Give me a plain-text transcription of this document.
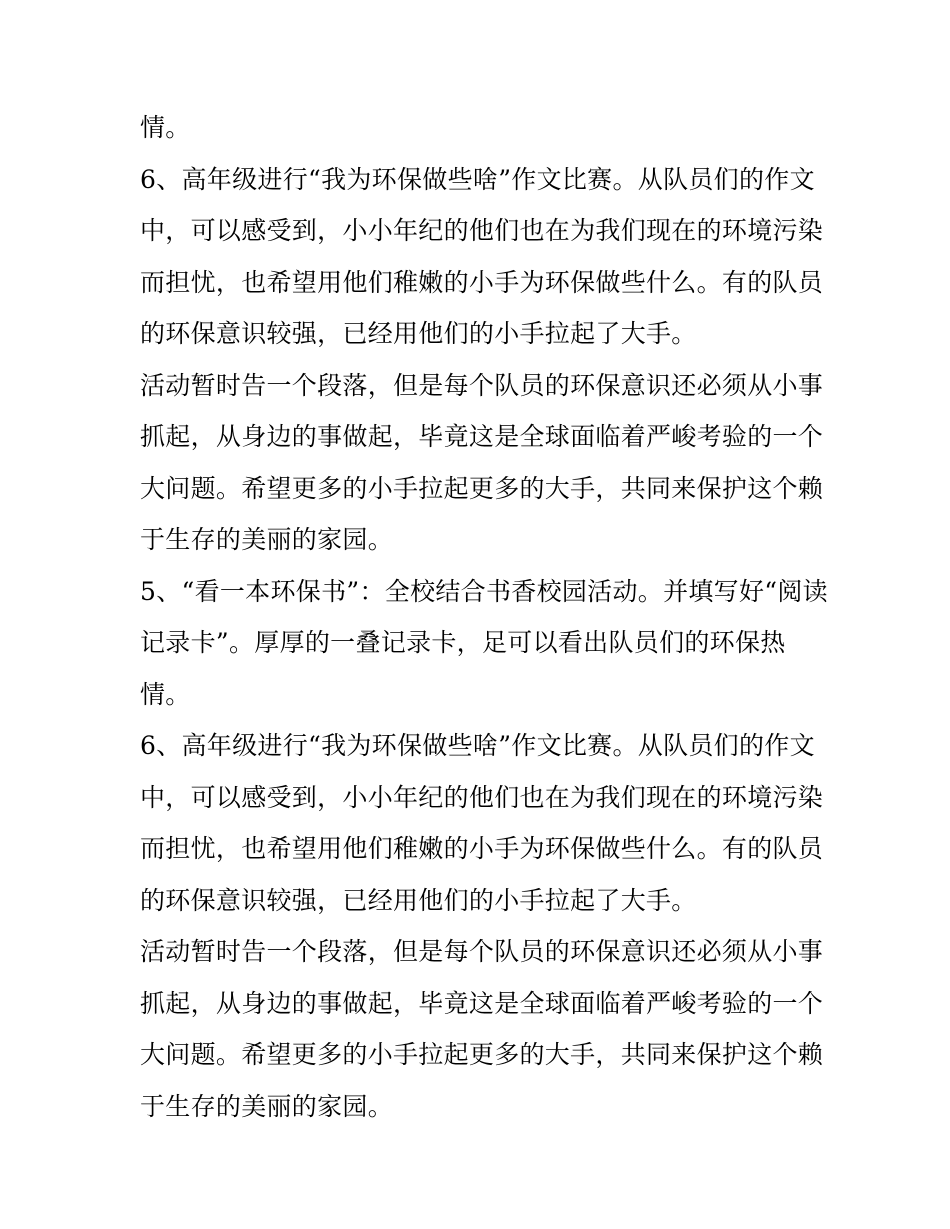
情。
6、高年级进行“我为环保做些啥”作文比赛。从队员们的作文
中，可以感受到，小小年纪的他们也在为我们现在的环境污染
而担忧，也希望用他们稚嫩的小手为环保做些什么。有的队员
的环保意识较强，已经用他们的小手拉起了大手。
活动暂时告一个段落，但是每个队员的环保意识还必须从小事
抓起，从身边的事做起，毕竟这是全球面临着严峻考验的一个
大问题。希望更多的小手拉起更多的大手，共同来保护这个赖
于生存的美丽的家园。
5、“看一本环保书”：全校结合书香校园活动。并填写好“阅读
记录卡”。厚厚的一叠记录卡，足可以看出队员们的环保热
情。
6、高年级进行“我为环保做些啥”作文比赛。从队员们的作文
中，可以感受到，小小年纪的他们也在为我们现在的环境污染
而担忧，也希望用他们稚嫩的小手为环保做些什么。有的队员
的环保意识较强，已经用他们的小手拉起了大手。
活动暂时告一个段落，但是每个队员的环保意识还必须从小事
抓起，从身边的事做起，毕竟这是全球面临着严峻考验的一个
大问题。希望更多的小手拉起更多的大手，共同来保护这个赖
于生存的美丽的家园。
